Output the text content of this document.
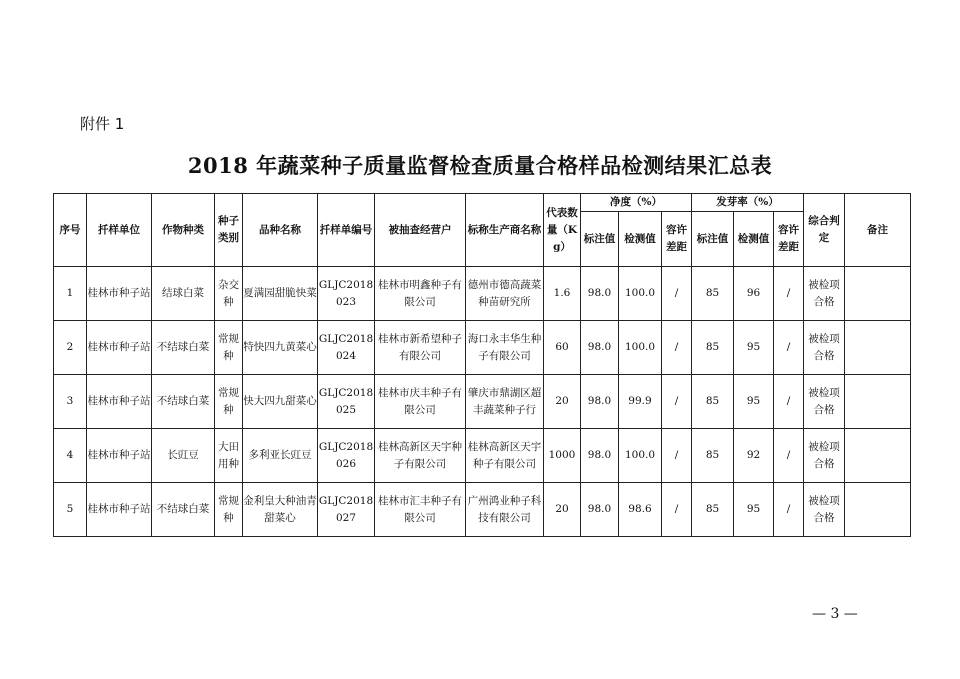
附件 1
2018 年蔬菜种子质量监督检查质量合格样品检测结果汇总表
序号	扦样单位	作物种类	种子类别	品种名称	扦样单编号	被抽查经营户	标称生产商名称	代表数量（Kg）	净度（%）			发芽率（%）			综合判定	备注
									标注值	检测值	容许差距	标注值	检测值	容许差距		
1	桂林市种子站	结球白菜	杂交种	夏满园甜脆快菜	GLJC2018023	桂林市明鑫种子有限公司	德州市德高蔬菜种苗研究所	1.6	98.0	100.0	/	85	96	/	被检项合格	
2	桂林市种子站	不结球白菜	常规种	特快四九黄菜心	GLJC2018024	桂林市新希望种子有限公司	海口永丰华生种子有限公司	60	98.0	100.0	/	85	95	/	被检项合格	
3	桂林市种子站	不结球白菜	常规种	快大四九甜菜心	GLJC2018025	桂林市庆丰种子有限公司	肇庆市鼎湖区超丰蔬菜种子行	20	98.0	99.9	/	85	95	/	被检项合格	
4	桂林市种子站	长豇豆	大田用种	多利亚长豇豆	GLJC2018026	桂林高新区天宇种子有限公司	桂林高新区天宇种子有限公司	1000	98.0	100.0	/	85	92	/	被检项合格	
5	桂林市种子站	不结球白菜	常规种	金利皇大种油青甜菜心	GLJC2018027	桂林市汇丰种子有限公司	广州鸿业种子科技有限公司	20	98.0	98.6	/	85	95	/	被检项合格	
— 3 —
